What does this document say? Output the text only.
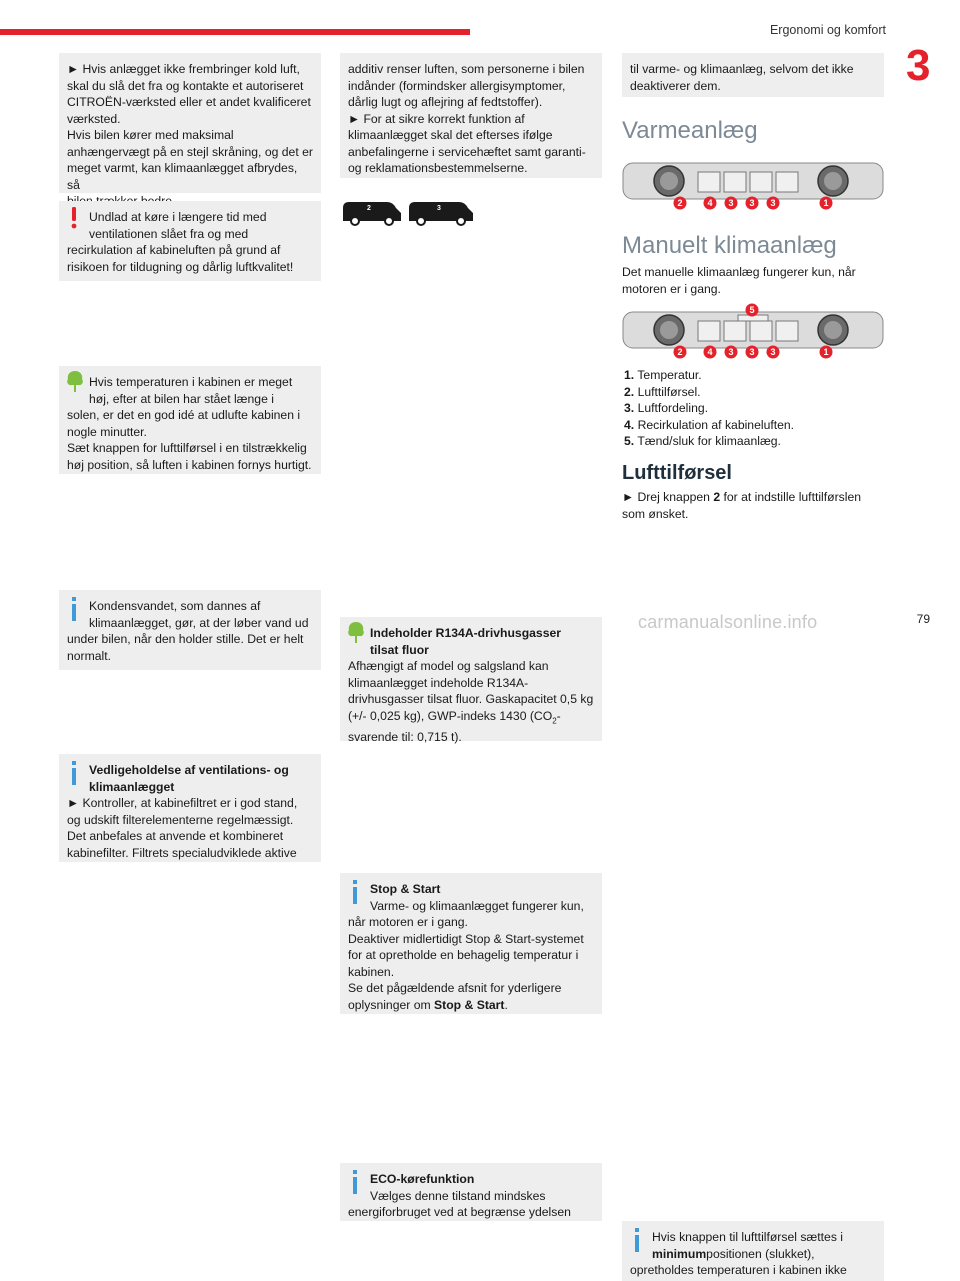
Ergonomi og komfort
3

► Hvis anlægget ikke frembringer kold luft,

skal du slå det fra og kontakte et autoriseret

CITROËN-værksted eller et andet kvalificeret

værksted.

Hvis bilen kører med maksimal

anhængervægt på en stejl skråning, og det er

meget varmt, kan klimaanlægget afbrydes, så

Undlad at køre i længere tid med

ventilationen slået fra og med

recirkulation af kabineluften på grund af

risikoen for tildugning og dårlig luftkvalitet!

Hvis temperaturen i kabinen er meget

høj, efter at bilen har stået længe i

solen, er det en god idé at udlufte kabinen i

nogle minutter.

Sæt knappen for lufttilførsel i en tilstrækkelig

høj position, så luften i kabinen fornys hurtigt.

Kondensvandet, som dannes af

klimaanlægget, gør, at der løber vand ud

under bilen, når den holder stille. Det er helt

normalt.

Vedligeholdelse af ventilations- og

klimaanlægget

► Kontroller, at kabinefiltret er i god stand,

og udskift filterelementerne regelmæssigt.

Det anbefales at anvende et kombineret

kabinefilter. Filtrets specialudviklede aktive

additiv renser luften, som personerne i bilen

indånder (formindsker allergisymptomer,

dårlig lugt og aflejring af fedtstoffer).

► For at sikre korrekt funktion af

klimaanlægget skal det efterses ifølge

anbefalingerne i servicehæftet samt garanti-

og reklamationsbestemmelserne.

2	3

Indeholder R134A-drivhusgasser

tilsat fluor

Afhængigt af model og salgsland kan

klimaanlægget indeholde R134A-

drivhusgasser tilsat fluor. Gaskapacitet 0,5 kg

(+/- 0,025 kg), GWP-indeks 1430 ($CO_2-$

svarende til: 0,715 t).

Stop & Start

Varme- og klimaanlægget fungerer kun,

når motoren er i gang.

Deaktiver midlertidigt Stop & Start-systemet

for at opretholde en behagelig temperatur i

kabinen.

Se det pågældende afsnit for yderligere

oplysninger om Stop & Start.

ECO-kørefunktion

Vælges denne tilstand mindskes

energiforbruget ved at begrænse ydelsen

til varme- og klimaanlæg, selvom det ikke

deaktiverer dem.

Varmeanlæg
2	4 3 3 3	1
Manuelt klimaanlæg

Det manuelle klimaanlæg fungerer kun, når

motoren er i gang.

5
2	4 3 3 3	1
1. Temperatur.
2. Lufttilførsel.
3. Luftfordeling.
4. Recirkulation af kabineluften.
5. Tænd/sluk for klimaanlæg.
Lufttilførsel

► Drej knappen 2 for at indstille lufttilførslen

som ønsket.

Hvis knappen til lufttilførsel sættes i

minimumpositionen (slukket),

opretholdes temperaturen i kabinen ikke

carmanualsonline.info	79
